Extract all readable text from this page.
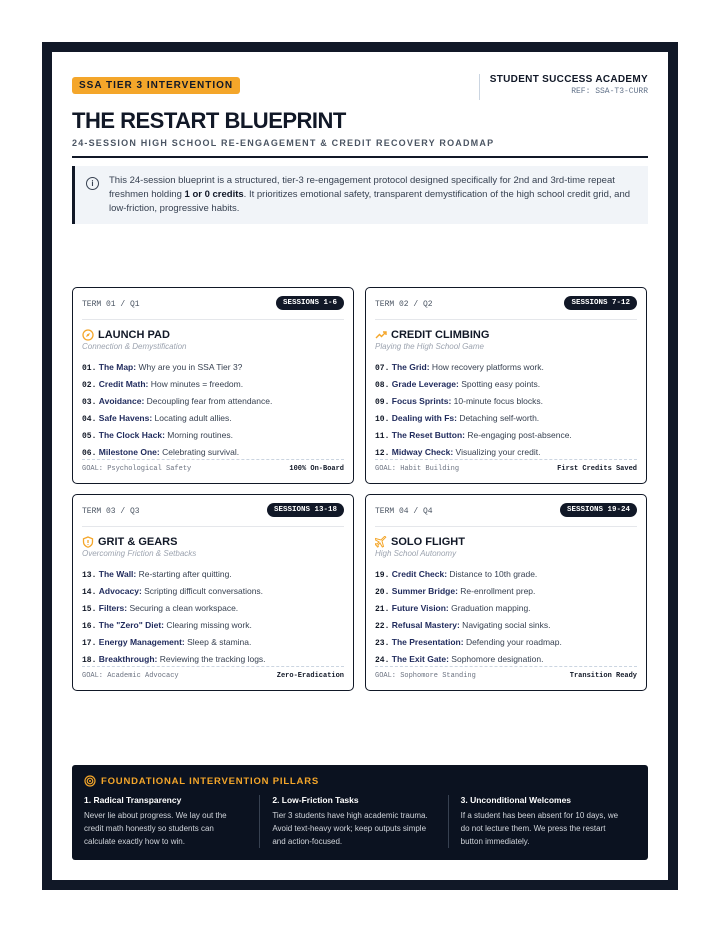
SSA TIER 3 INTERVENTION
STUDENT SUCCESS ACADEMY
REF: SSA-T3-CURR
THE RESTART BLUEPRINT
24-SESSION HIGH SCHOOL RE-ENGAGEMENT & CREDIT RECOVERY ROADMAP
i	This 24-session blueprint is a structured, tier-3 re-engagement protocol designed specifically for 2nd and 3rd-time repeat freshmen holding 1 or 0 credits. It prioritizes emotional safety, transparent demystification of the high school credit grid, and low-friction, progressive habits.
TERM 01 / Q1	SESSIONS 1-6
LAUNCH PAD
Connection & Demystification
01. The Map: Why are you in SSA Tier 3?
02. Credit Math: How minutes = freedom.
03. Avoidance: Decoupling fear from attendance.
04. Safe Havens: Locating adult allies.
05. The Clock Hack: Morning routines.
06. Milestone One: Celebrating survival.
GOAL: Psychological Safety	100% On-Board
TERM 02 / Q2	SESSIONS 7-12
CREDIT CLIMBING
Playing the High School Game
07. The Grid: How recovery platforms work.
08. Grade Leverage: Spotting easy points.
09. Focus Sprints: 10-minute focus blocks.
10. Dealing with Fs: Detaching self-worth.
11. The Reset Button: Re-engaging post-absence.
12. Midway Check: Visualizing your credit.
GOAL: Habit Building	First Credits Saved
TERM 03 / Q3	SESSIONS 13-18
GRIT & GEARS
Overcoming Friction & Setbacks
13. The Wall: Re-starting after quitting.
14. Advocacy: Scripting difficult conversations.
15. Filters: Securing a clean workspace.
16. The "Zero" Diet: Clearing missing work.
17. Energy Management: Sleep & stamina.
18. Breakthrough: Reviewing the tracking logs.
GOAL: Academic Advocacy	Zero-Eradication
TERM 04 / Q4	SESSIONS 19-24
SOLO FLIGHT
High School Autonomy
19. Credit Check: Distance to 10th grade.
20. Summer Bridge: Re-enrollment prep.
21. Future Vision: Graduation mapping.
22. Refusal Mastery: Navigating social sinks.
23. The Presentation: Defending your roadmap.
24. The Exit Gate: Sophomore designation.
GOAL: Sophomore Standing	Transition Ready
FOUNDATIONAL INTERVENTION PILLARS
1. Radical Transparency
Never lie about progress. We lay out the credit math honestly so students can calculate exactly how to win.
2. Low-Friction Tasks
Tier 3 students have high academic trauma. Avoid text-heavy work; keep outputs simple and action-focused.
3. Unconditional Welcomes
If a student has been absent for 10 days, we do not lecture them. We press the restart button immediately.
